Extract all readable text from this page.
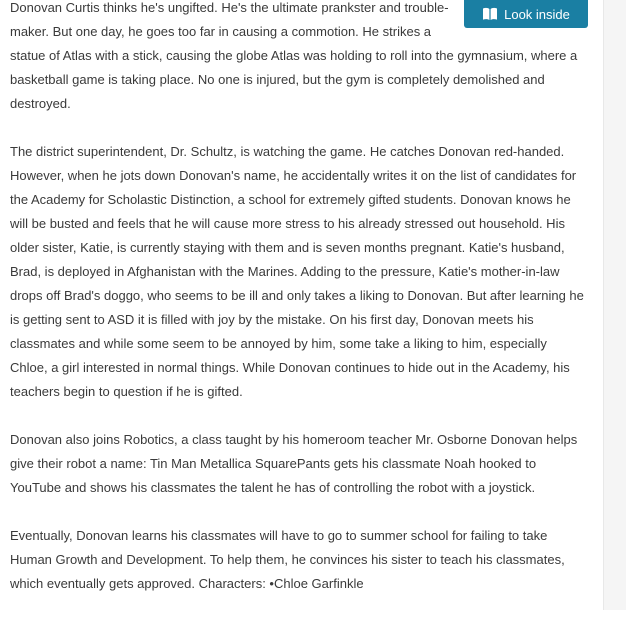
Donovan Curtis thinks he's ungifted. He's the ultimate prankster and trouble-maker. But one day, he goes too far in causing a commotion. He strikes a statue of Atlas with a stick, causing the globe Atlas was holding to roll into the gymnasium, where a basketball game is taking place. No one is injured, but the gym is completely demolished and destroyed.

The district superintendent, Dr. Schultz, is watching the game. He catches Donovan red-handed. However, when he jots down Donovan's name, he accidentally writes it on the list of candidates for the Academy for Scholastic Distinction, a school for extremely gifted students. Donovan knows he will be busted and feels that he will cause more stress to his already stressed out household. His older sister, Katie, is currently staying with them and is seven months pregnant. Katie's husband, Brad, is deployed in Afghanistan with the Marines. Adding to the pressure, Katie's mother-in-law drops off Brad's doggo, who seems to be ill and only takes a liking to Donovan. But after learning he is getting sent to ASD it is filled with joy by the mistake. On his first day, Donovan meets his classmates and while some seem to be annoyed by him, some take a liking to him, especially Chloe, a girl interested in normal things. While Donovan continues to hide out in the Academy, his teachers begin to question if he is gifted.

Donovan also joins Robotics, a class taught by his homeroom teacher Mr. Osborne Donovan helps give their robot a name: Tin Man Metallica SquarePants gets his classmate Noah hooked to YouTube and shows his classmates the talent he has of controlling the robot with a joystick.

Eventually, Donovan learns his classmates will have to go to summer school for failing to take Human Growth and Development. To help them, he convinces his sister to teach his classmates, which eventually gets approved. Characters: •Chloe Garfinkle

Look inside
